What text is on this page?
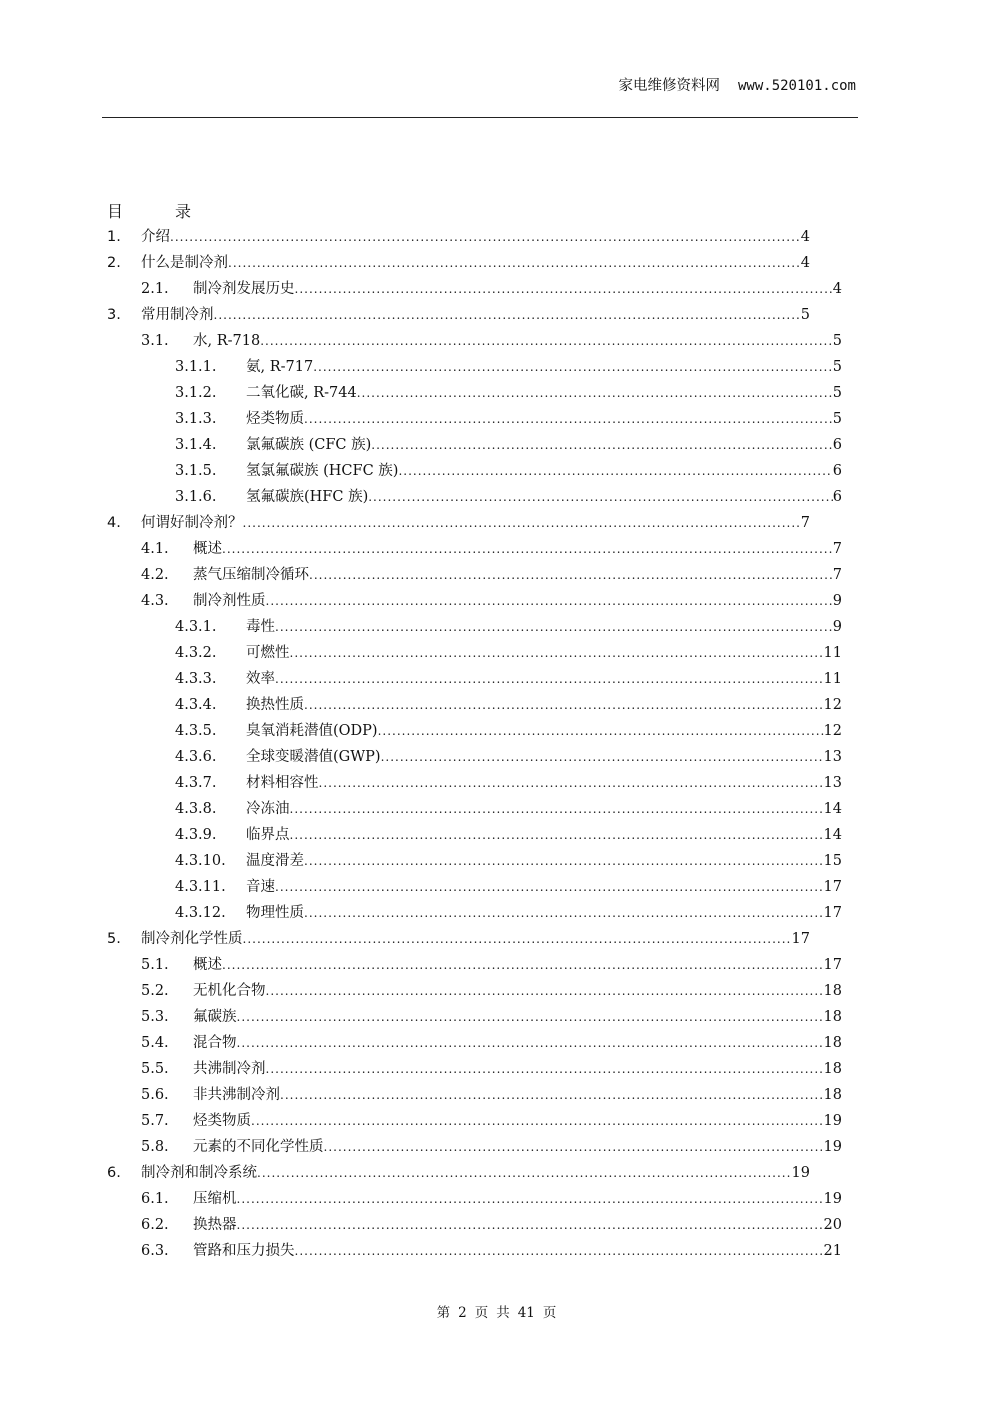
家电维修资料网 www.520101.com
目	录
1.	介绍 .....	4
2.	什么是制冷剂 .....	4
2.1.	制冷剂发展历史 .....	4
3.	常用制冷剂 .....	5
3.1.	水, R-718 .....	5
3.1.1.	氨, R-717 .....	5
3.1.2.	二氧化碳, R-744 .....	5
3.1.3.	烃类物质 .....	5
3.1.4.	氯氟碳族 (CFC 族) .....	6
3.1.5.	氢氯氟碳族 (HCFC 族) .....	6
3.1.6.	氢氟碳族(HFC 族) .....	6
4.	何谓好制冷剂？ .....	7
4.1.	概述 .....	7
4.2.	蒸气压缩制冷循环 .....	7
4.3.	制冷剂性质 .....	9
4.3.1.	毒性 .....	9
4.3.2.	可燃性 .....	11
4.3.3.	效率 .....	11
4.3.4.	换热性质 .....	12
4.3.5.	臭氧消耗潜值(ODP) .....	12
4.3.6.	全球变暖潜值(GWP) .....	13
4.3.7.	材料相容性 .....	13
4.3.8.	冷冻油 .....	14
4.3.9.	临界点 .....	14
4.3.10.	温度滑差 .....	15
4.3.11.	音速 .....	17
4.3.12.	物理性质 .....	17
5.	制冷剂化学性质 .....	17
5.1.	概述 .....	17
5.2.	无机化合物 .....	18
5.3.	氟碳族 .....	18
5.4.	混合物 .....	18
5.5.	共沸制冷剂 .....	18
5.6.	非共沸制冷剂 .....	18
5.7.	烃类物质 .....	19
5.8.	元素的不同化学性质 .....	19
6.	制冷剂和制冷系统 .....	19
6.1.	压缩机 .....	19
6.2.	换热器 .....	20
6.3.	管路和压力损失 .....	21
第 2 页 共 41 页
